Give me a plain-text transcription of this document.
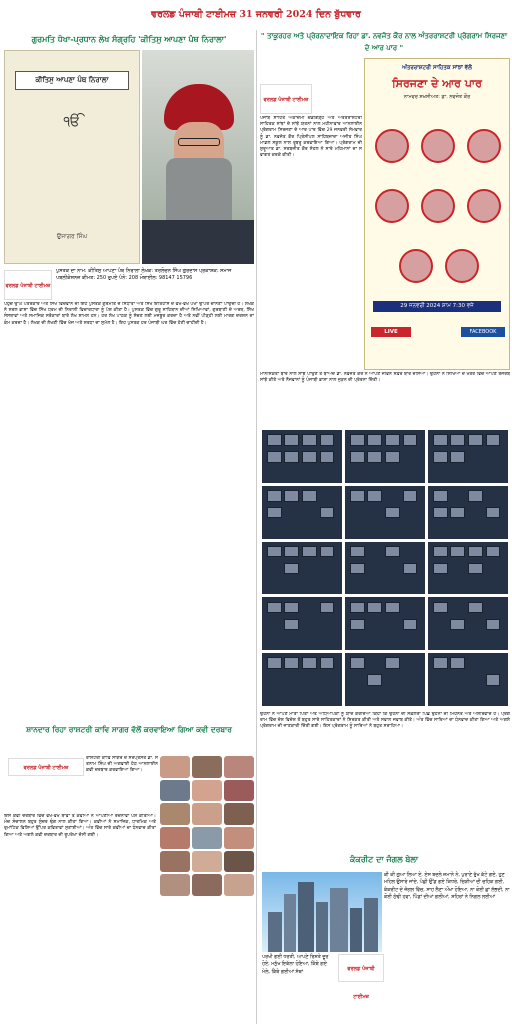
ਵਰਲਡ ਪੰਜਾਬੀ ਟਾਈਮਜ਼ 31 ਜਨਵਰੀ 2024 ਦਿਨ ਬੁੱਧਵਾਰ
ਗੁਰਮਤਿ ਧੋਖਾ-ਪ੍ਰਧਾਨ ਲੇਖ ਸੰਗ੍ਰਹਿ 'ਕੀਤਿਸੁ ਆਪਣਾ ਪੰਥ ਨਿਰਾਲਾ'
ਕੀਤਿਸੁ ਆਪਣਾ ਪੰਥ ਨਿਰਾਲਾ
ੴ
ਉਜਾਗਰ ਸਿੰਘ
ਵਰਲਡ ਪੰਜਾਬੀ ਟਾਈਮਜ਼
ਪੁਸਤਕ ਦਾ ਨਾਮ: ਕੀਤਿਸੁ ਆਪਣਾ ਪੰਥ ਨਿਰਾਲਾ ਲੇਖਕ: ਤਰਲੋਚਨ ਸਿੰਘ ਗੁਰਦਾਸ ਪ੍ਰਕਾਸ਼ਕ: ਸਮਾਜ ਪਬਲੀਕੇਸ਼ਨਜ਼ ਕੀਮਤ: 250 ਰੁਪਏ ਪੰਨੇ: 208 ਮੋਬਾਈਲ: 98147 15796
ਪਹੁੰਚ ਉੱਘੇ ਪੱਤਰਕਾਰ ਅਤੇ ਸਿੱਖ ਵਿਦਵਾਨ ਦੀ ਇਹ ਪੁਸਤਕ ਗੁਰਮਤਿ ਦੇ ਸਿਧਾਂਤਾਂ ਅਤੇ ਸਿੱਖ ਇਤਿਹਾਸ ਦੇ ਵੱਖ-ਵੱਖ ਪੱਖਾਂ ਉੱਪਰ ਚਾਨਣਾ ਪਾਉਂਦੀ ਹੈ। ਲੇਖਕ ਨੇ ਸਰਲ ਭਾਸ਼ਾ ਵਿੱਚ ਸਿੱਖ ਧਰਮ ਦੀ ਨਿਰਾਲੀ ਵਿਚਾਰਧਾਰਾ ਨੂੰ ਪੇਸ਼ ਕੀਤਾ ਹੈ। ਪੁਸਤਕ ਵਿੱਚ ਗੁਰੂ ਸਾਹਿਬਾਨ ਦੀਆਂ ਸਿਖਿਆਵਾਂ, ਗੁਰਬਾਣੀ ਦੇ ਅਰਥ, ਸਿੱਖ ਸੰਸਥਾਵਾਂ ਅਤੇ ਸਮਾਜਿਕ ਸਰੋਕਾਰਾਂ ਬਾਰੇ ਲੇਖ ਸ਼ਾਮਲ ਹਨ। ਹਰ ਲੇਖ ਪਾਠਕ ਨੂੰ ਸੋਚਣ ਲਈ ਮਜਬੂਰ ਕਰਦਾ ਹੈ ਅਤੇ ਨਵੀਂ ਪੀੜ੍ਹੀ ਲਈ ਮਾਰਗ ਦਰਸ਼ਨ ਦਾ ਕੰਮ ਕਰਦਾ ਹੈ। ਲੇਖਕ ਦੀ ਲੇਖਣੀ ਵਿੱਚ ਖੋਜ ਅਤੇ ਸ਼ਰਧਾ ਦਾ ਸੁਮੇਲ ਹੈ। ਇਹ ਪੁਸਤਕ ਹਰ ਪੰਜਾਬੀ ਘਰ ਵਿੱਚ ਹੋਣੀ ਚਾਹੀਦੀ ਹੈ।
" ਤਾਕੂਰਹਰ ਅਤੇ ਪ੍ਰੇਰਨਾਦਾਇਕ ਰਿਹਾ ਡਾ. ਨਵਜੋਤ ਕੌਰ ਨਾਲ ਅੰਤਰਰਾਸ਼ਟਰੀ ਪ੍ਰੋਗਰਾਮ ਸਿਰਜਣਾ ਦੇ ਆਰ ਪਾਰ "
ਵਰਲਡ ਪੰਜਾਬੀ ਟਾਈਮਜ਼
ਪੰਜਾਬ ਸਾਹਿਤ ਅਕਾਦਮੀ ਚੰਡੀਗੜ੍ਹ ਅਤੇ ਅੰਤਰਰਾਸ਼ਟਰੀ ਸਾਹਿਤਕ ਸਾਂਝਾਂ ਦੇ ਸਾਂਝੇ ਯਤਨਾਂ ਨਾਲ ਮਹੀਨਾਵਾਰ ਆਨਲਾਈਨ ਪ੍ਰੋਗਰਾਮ ਸਿਰਜਣਾ ਦੇ ਆਰ ਪਾਰ ਵਿੱਚ 29 ਜਨਵਰੀ ਸੋਮਵਾਰ ਨੂੰ ਡਾ. ਨਵਜੋਤ ਕੌਰ ਪ੍ਰਿੰਸੀਪਲ ਸਾਹਿਬਜ਼ਾਦਾ ਅਜੀਤ ਸਿੰਘ ਮਾਡਲ ਸਕੂਲ ਨਾਲ ਰੂਬਰੂ ਕਰਵਾਇਆ ਗਿਆ। ਪ੍ਰੋਗਰਾਮ ਦੀ ਸ਼ੁਰੂਆਤ ਡਾ. ਸਰਬਜੀਤ ਕੌਰ ਸੋਹਲ ਨੇ ਸਾਰੇ ਮਹਿਮਾਨਾਂ ਦਾ ਸਵਾਗਤ ਕਰਕੇ ਕੀਤੀ।
ਅੰਤਰਰਾਸ਼ਟਰੀ ਸਾਹਿਤਕ ਸਾਂਝਾਂ ਵੱਲੋਂ
ਸਿਰਜਣਾ ਦੇ ਆਰ ਪਾਰ
ਨਾਮਵਰ ਸ਼ਖ਼ਸੀਅਤ: ਡਾ. ਨਵਜੋਤ ਕੌਰ
29 ਜਨਵਰੀ 2024 ਸ਼ਾਮ 7:30 ਵਜੇ
LIVE	FACEBOOK
ਮਾਨਸਿਕਤਾ ਬਾਰੇ ਨਾਲ ਸਾਂਝ ਪਾਉਣ ਤੋਂ ਬਾਅਦ ਡਾ. ਨਵਜੋਤ ਕੌਰ ਨੇ ਆਪਣੇ ਜੀਵਨ ਸਫ਼ਰ ਬਾਰੇ ਦੱਸਿਆ। ਉਹਨਾਂ ਨੇ ਸਿੱਖਿਆ ਦੇ ਖੇਤਰ ਵਿੱਚ ਆਪਣੇ ਤਜਰਬੇ ਸਾਂਝੇ ਕੀਤੇ ਅਤੇ ਨੌਜਵਾਨਾਂ ਨੂੰ ਪੰਜਾਬੀ ਭਾਸ਼ਾ ਨਾਲ ਜੁੜਨ ਦੀ ਪ੍ਰੇਰਨਾ ਦਿੱਤੀ।
ਉਹਨਾਂ ਨੇ ਆਪਣੇ ਮਾਤਾ ਪਿਤਾ ਅਤੇ ਅਧਿਆਪਕਾਂ ਨੂੰ ਯਾਦ ਕਰਦਿਆਂ ਕਿਹਾ ਕਿ ਉਹਨਾਂ ਦੀ ਸਫ਼ਲਤਾ ਪਿੱਛੇ ਉਹਨਾਂ ਦੀ ਮਿਹਨਤ ਅਤੇ ਅਸ਼ੀਰਵਾਦ ਹੈ। ਪ੍ਰੋਗਰਾਮ ਵਿੱਚ ਦੇਸ਼ ਵਿਦੇਸ਼ ਤੋਂ ਬਹੁਤ ਸਾਰੇ ਸਾਹਿਤਕਾਰਾਂ ਨੇ ਸ਼ਿਰਕਤ ਕੀਤੀ ਅਤੇ ਸਵਾਲ ਜਵਾਬ ਕੀਤੇ। ਅੰਤ ਵਿੱਚ ਸਾਰਿਆਂ ਦਾ ਧੰਨਵਾਦ ਕੀਤਾ ਗਿਆ ਅਤੇ ਅਗਲੇ ਪ੍ਰੋਗਰਾਮ ਦੀ ਜਾਣਕਾਰੀ ਦਿੱਤੀ ਗਈ। ਇਸ ਪ੍ਰੋਗਰਾਮ ਨੂੰ ਸਾਰਿਆਂ ਨੇ ਬਹੁਤ ਸਰਾਹਿਆ।
ਸ਼ਾਨਦਾਰ ਰਿਹਾ ਰਾਸ਼ਟਰੀ ਕਾਵਿ ਸਾਗਰ ਵੱਲੋਂ ਕਰਵਾਇਆ ਗਿਆ ਕਵੀ ਦਰਬਾਰ
ਵਰਲਡ ਪੰਜਾਬੀ ਟਾਈਮਜ਼
ਰਾਸ਼ਟਰੀ ਕਾਵਿ ਸਾਗਰ ਦੇ ਸਰਪ੍ਰਸਤ ਡਾ. ਸਤਨਾਮ ਸਿੰਘ ਦੀ ਅਗਵਾਈ ਹੇਠ ਆਨਲਾਈਨ ਕਵੀ ਦਰਬਾਰ ਕਰਵਾਇਆ ਗਿਆ।
ਇਸ ਕਵੀ ਦਰਬਾਰ ਵਿੱਚ ਵੱਖ-ਵੱਖ ਥਾਵਾਂ ਤੋਂ ਕਵੀਆਂ ਨੇ ਆਪਣੀਆਂ ਰਚਨਾਵਾਂ ਪੇਸ਼ ਕੀਤੀਆਂ। ਮੰਚ ਸੰਚਾਲਨ ਬਹੁਤ ਸੁੰਦਰ ਢੰਗ ਨਾਲ ਕੀਤਾ ਗਿਆ। ਕਵੀਆਂ ਨੇ ਸਮਾਜਿਕ, ਧਾਰਮਿਕ ਅਤੇ ਰੁਮਾਂਟਿਕ ਵਿਸ਼ਿਆਂ ਉੱਪਰ ਕਵਿਤਾਵਾਂ ਸੁਣਾਈਆਂ। ਅੰਤ ਵਿੱਚ ਸਾਰੇ ਕਵੀਆਂ ਦਾ ਧੰਨਵਾਦ ਕੀਤਾ ਗਿਆ ਅਤੇ ਅਗਲੇ ਕਵੀ ਦਰਬਾਰ ਦੀ ਰੂਪਰੇਖਾ ਦੱਸੀ ਗਈ।
ਕੰਕਰੀਟ ਦਾ ਜੰਗਲ ਬੇਲਾ
ਕੀ ਕੀ ਗੁਆ ਲਿਆ ਏ, ਏਸ ਬਦਲੇ ਜ਼ਮਾਨੇ ਨੇ, ਪੁਰਾਣੇ ਰੁੱਖ ਕੱਟੇ ਗਏ, ਹੁਣ ਮਹਿਲ ਉਸਾਰੇ ਜਾਂਦੇ, ਪੰਛੀ ਉੱਡ ਗਏ ਕਿਧਰੇ, ਚਿੜੀਆਂ ਦੀ ਚਹਿਕ ਗਈ, ਕੰਕਰੀਟ ਦੇ ਜੰਗਲ ਵਿੱਚ, ਸਾਹ ਲੈਣਾ ਔਖਾ ਹੋਇਆ, ਨਾ ਕੋਈ ਛਾਂ ਲੱਭਦੀ, ਨਾ ਕੋਈ ਠੰਢੀ ਹਵਾ, ਪਿੰਡਾਂ ਦੀਆਂ ਗਲੀਆਂ, ਸ਼ਹਿਰਾਂ ਨੇ ਨਿਗਲ ਲਈਆਂ
ਪਰਖੀ ਗਈ ਧਰਤੀ, ਆਪਣੇ ਰਿਸ਼ਤੇ ਦੂਰ ਹੋਏ, ਮਨੁੱਖ ਇਕੱਲਾ ਹੋਇਆ, ਕਿੱਥੇ ਗਏ ਮੇਲੇ, ਕਿੱਥੇ ਗਈਆਂ ਸੱਥਾਂ
ਵਰਲਡ ਪੰਜਾਬੀ ਟਾਈਮਜ਼
